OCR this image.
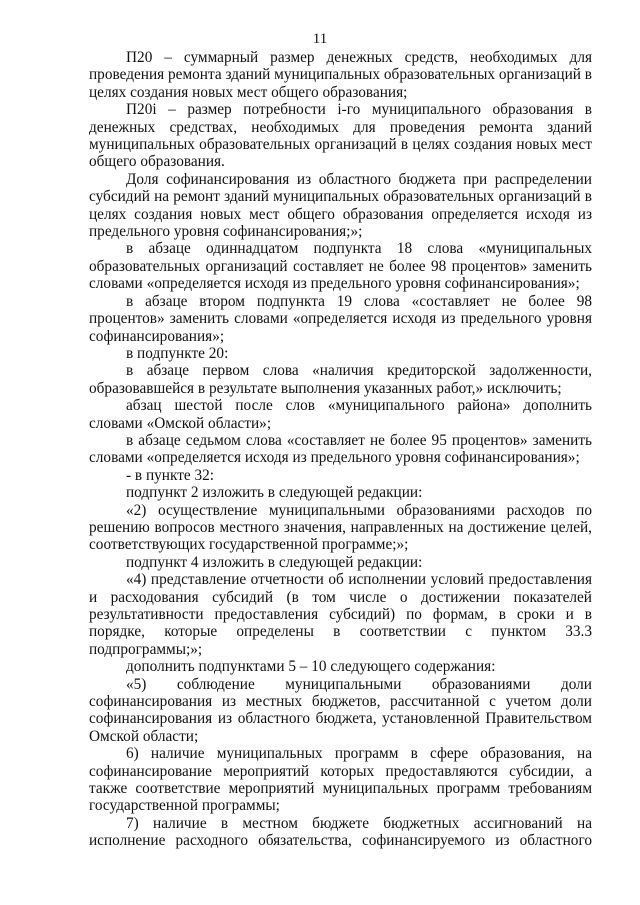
11

П20 – суммарный размер денежных средств, необходимых для проведения ремонта зданий муниципальных образовательных организаций в целях создания новых мест общего образования;

П20i – размер потребности i-го муниципального образования в денежных средствах, необходимых для проведения ремонта зданий муниципальных образовательных организаций в целях создания новых мест общего образования.

Доля софинансирования из областного бюджета при распределении субсидий на ремонт зданий муниципальных образовательных организаций в целях создания новых мест общего образования определяется исходя из предельного уровня софинансирования;»;

в абзаце одиннадцатом подпункта 18 слова «муниципальных образовательных организаций составляет не более 98 процентов» заменить словами «определяется исходя из предельного уровня софинансирования»;

в абзаце втором подпункта 19 слова «составляет не более 98 процентов» заменить словами «определяется исходя из предельного уровня софинансирования»;

в подпункте 20:

в абзаце первом слова «наличия кредиторской задолженности, образовавшейся в результате выполнения указанных работ,» исключить;

абзац шестой после слов «муниципального района» дополнить словами «Омской области»;

в абзаце седьмом слова «составляет не более 95 процентов» заменить словами «определяется исходя из предельного уровня софинансирования»;

- в пункте 32:

подпункт 2 изложить в следующей редакции:

«2) осуществление муниципальными образованиями расходов по решению вопросов местного значения, направленных на достижение целей, соответствующих государственной программе;»;

подпункт 4 изложить в следующей редакции:

«4) представление отчетности об исполнении условий предоставления и расходования субсидий (в том числе о достижении показателей результативности предоставления субсидий) по формам, в сроки и в порядке, которые определены в соответствии с пунктом 33.3 подпрограммы;»;

дополнить подпунктами 5 – 10 следующего содержания:

«5) соблюдение муниципальными образованиями доли софинансирования из местных бюджетов, рассчитанной с учетом доли софинансирования из областного бюджета, установленной Правительством Омской области;

6) наличие муниципальных программ в сфере образования, на софинансирование мероприятий которых предоставляются субсидии, а также соответствие мероприятий муниципальных программ требованиям государственной программы;

7) наличие в местном бюджете бюджетных ассигнований на исполнение расходного обязательства, софинансируемого из областного
